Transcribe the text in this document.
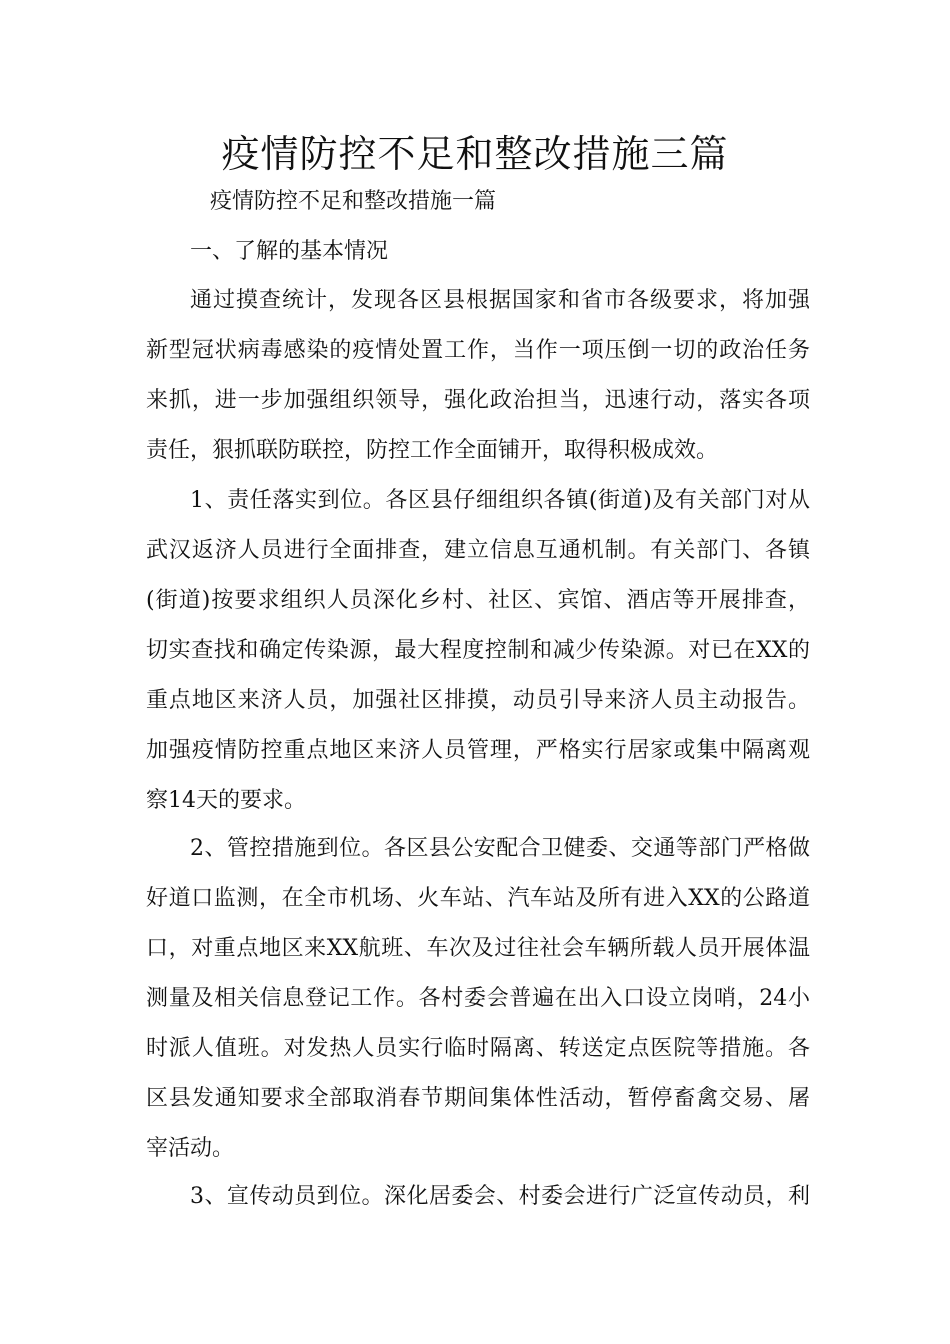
疫情防控不足和整改措施三篇

疫情防控不足和整改措施一篇

一、了解的基本情况

通过摸查统计，发现各区县根据国家和省市各级要求，将加强
新型冠状病毒感染的疫情处置工作，当作一项压倒一切的政治任务
来抓，进一步加强组织领导，强化政治担当，迅速行动，落实各项
责任，狠抓联防联控，防控工作全面铺开，取得积极成效。
1、责任落实到位。各区县仔细组织各镇(街道)及有关部门对从
武汉返济人员进行全面排查，建立信息互通机制。有关部门、各镇
(街道)按要求组织人员深化乡村、社区、宾馆、酒店等开展排查，
切实查找和确定传染源，最大程度控制和减少传染源。对已在XX的
重点地区来济人员，加强社区排摸，动员引导来济人员主动报告。
加强疫情防控重点地区来济人员管理，严格实行居家或集中隔离观
察14天的要求。
2、管控措施到位。各区县公安配合卫健委、交通等部门严格做
好道口监测，在全市机场、火车站、汽车站及所有进入XX的公路道
口，对重点地区来XX航班、车次及过往社会车辆所载人员开展体温
测量及相关信息登记工作。各村委会普遍在出入口设立岗哨，24小
时派人值班。对发热人员实行临时隔离、转送定点医院等措施。各
区县发通知要求全部取消春节期间集体性活动，暂停畜禽交易、屠
宰活动。
3、宣传动员到位。深化居委会、村委会进行广泛宣传动员，利
